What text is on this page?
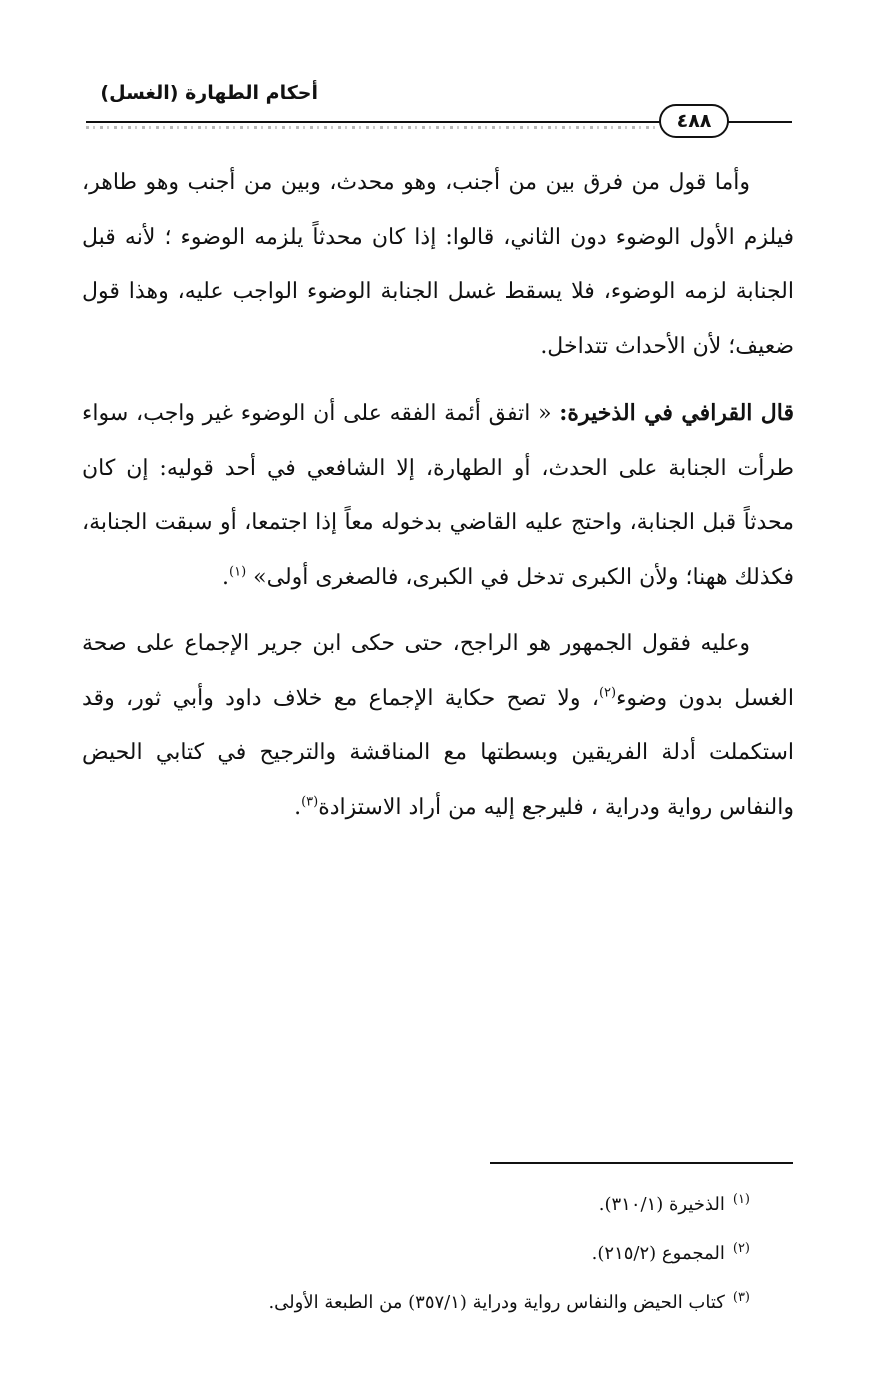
أحكام الطهارة (الغسل)
٤٨٨

وأما قول من فرق بين من أجنب، وهو محدث، وبين من أجنب وهو طاهر، فيلزم الأول الوضوء دون الثاني، قالوا: إذا كان محدثاً يلزمه الوضوء ؛ لأنه قبل الجنابة لزمه الوضوء، فلا يسقط غسل الجنابة الوضوء الواجب عليه، وهذا قول ضعيف؛ لأن الأحداث تتداخل.

قال القرافي في الذخيرة: « اتفق أئمة الفقه على أن الوضوء غير واجب، سواء طرأت الجنابة على الحدث، أو الطهارة، إلا الشافعي في أحد قوليه: إن كان محدثاً قبل الجنابة، واحتج عليه القاضي بدخوله معاً إذا اجتمعا، أو سبقت الجنابة، فكذلك ههنا؛ ولأن الكبرى تدخل في الكبرى، فالصغرى أولى» $^{(١)}$.

وعليه فقول الجمهور هو الراجح، حتى حكى ابن جرير الإجماع على صحة الغسل بدون وضوء$^{(٢)}$، ولا تصح حكاية الإجماع مع خلاف داود وأبي ثور، وقد استكملت أدلة الفريقين وبسطتها مع المناقشة والترجيح في كتابي الحيض والنفاس رواية ودراية ، فليرجع إليه من أراد الاستزادة$^{(٣)}$.

$^{(١)}$الذخيرة (٣١٠/١).
$^{(٢)}$المجموع (٢١٥/٢).
$^{(٣)}$كتاب الحيض والنفاس رواية ودراية (٣٥٧/١) من الطبعة الأولى.
